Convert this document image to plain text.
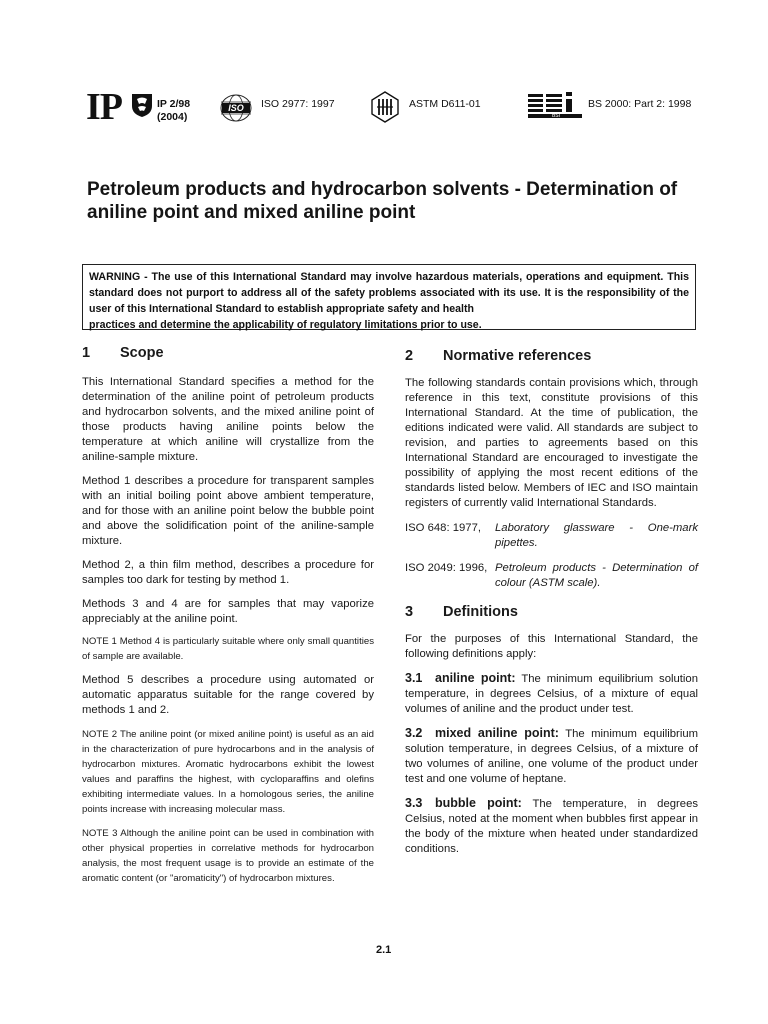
IP	IP 2/98
(2004)
ISO	ISO 2977: 1997	ASTM D611-01
BSI
BS 2000: Part 2: 1998
Petroleum products and hydrocarbon solvents - Determination of aniline point and mixed aniline point
WARNING - The use of this International Standard may involve hazardous materials, operations and equipment. This standard does not purport to address all of the safety problems associated with its use. It is the responsibility of the user of this International Standard to establish appropriate safety and health
practices and determine the applicability of regulatory limitations prior to use.
1 Scope

This International Standard specifies a method for the determination of the aniline point of petroleum products and hydrocarbon solvents, and the mixed aniline point of those products having aniline points below the temperature at which aniline will crystallize from the aniline-sample mixture.

Method 1 describes a procedure for transparent samples with an initial boiling point above ambient temperature, and for those with an aniline point below the bubble point and above the solidification point of the aniline-sample mixture.

Method 2, a thin film method, describes a procedure for samples too dark for testing by method 1.

Methods 3 and 4 are for samples that may vaporize appreciably at the aniline point.

NOTE 1 Method 4 is particularly suitable where only small quantities of sample are available.

Method 5 describes a procedure using automated or automatic apparatus suitable for the range covered by methods 1 and 2.

NOTE 2 The aniline point (or mixed aniline point) is useful as an aid in the characterization of pure hydrocarbons and in the analysis of hydrocarbon mixtures. Aromatic hydrocarbons exhibit the lowest values and paraffins the highest, with cycloparaffins and olefins exhibiting intermediate values. In a homologous series, the aniline points increase with increasing molecular mass.

NOTE 3 Although the aniline point can be used in combination with other physical properties in correlative methods for hydrocarbon analysis, the most frequent usage is to provide an estimate of the aromatic content (or "aromaticity") of hydrocarbon mixtures.

2 Normative references

The following standards contain provisions which, through reference in this text, constitute provisions of this International Standard. At the time of publication, the editions indicated were valid. All standards are subject to revision, and parties to agreements based on this International Standard are encouraged to investigate the possibility of applying the most recent editions of the standards listed below. Members of IEC and ISO maintain registers of currently valid International Standards.

ISO 648: 1977, Laboratory glassware - One-mark pipettes.
ISO 2049: 1996, Petroleum products - Determination of colour (ASTM scale).
3 Definitions

For the purposes of this International Standard, the following definitions apply:

3.1 aniline point: The minimum equilibrium solution temperature, in degrees Celsius, of a mixture of equal volumes of aniline and the product under test.

3.2 mixed aniline point: The minimum equilibrium solution temperature, in degrees Celsius, of a mixture of two volumes of aniline, one volume of the product under test and one volume of heptane.

3.3 bubble point: The temperature, in degrees Celsius, noted at the moment when bubbles first appear in the body of the mixture when heated under standardized conditions.

2.1
